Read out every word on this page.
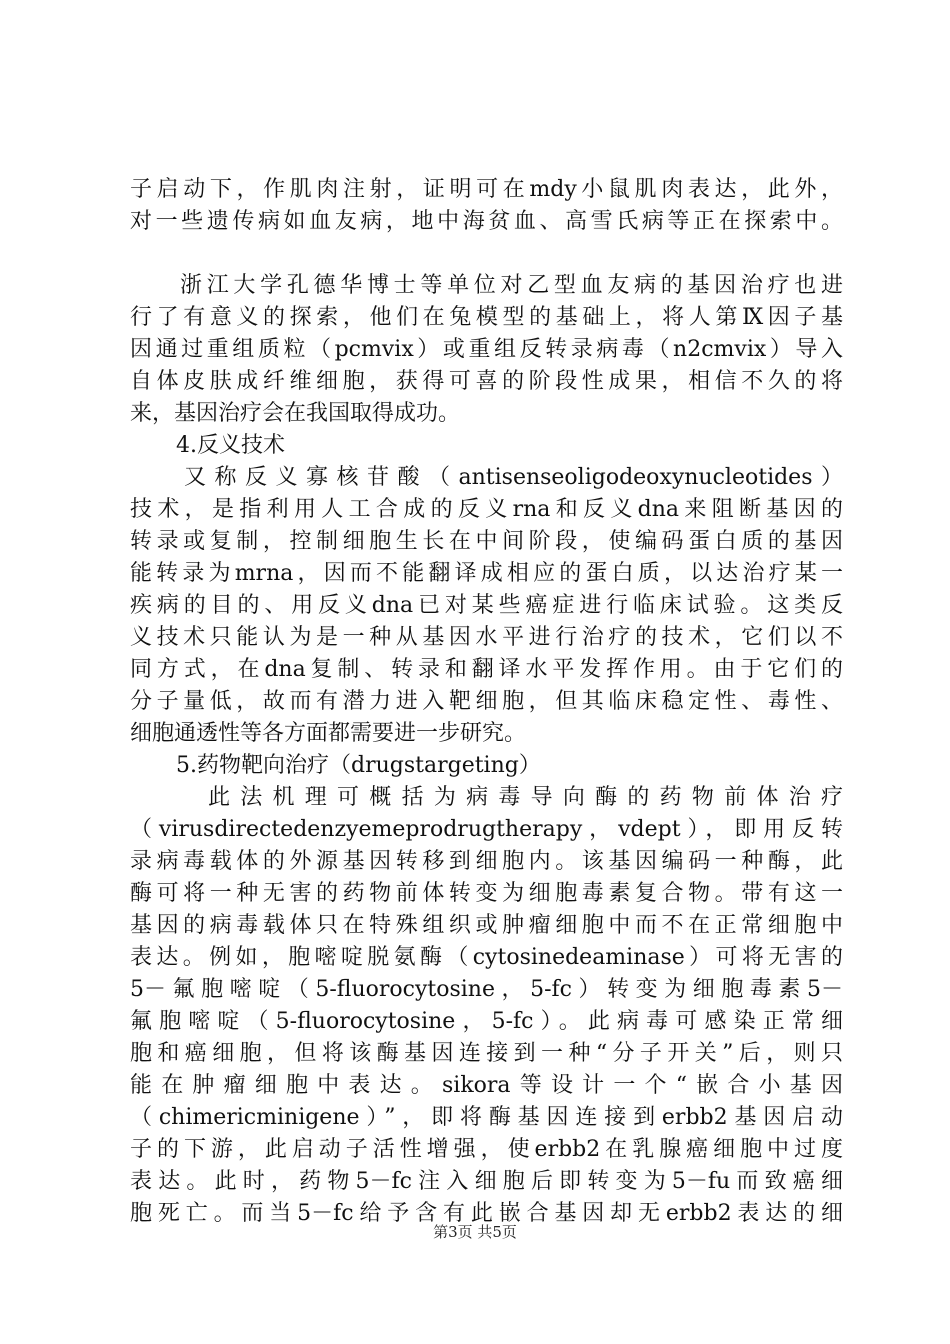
子启动下，作肌肉注射，证明可在mdy小鼠肌肉表达，此外，
对一些遗传病如血友病，地中海贫血、高雪氏病等正在探索中。
浙江大学孔德华博士等单位对乙型血友病的基因治疗也进
行了有意义的探索，他们在兔模型的基础上，将人第Ⅸ因子基
因通过重组质粒（pcmvix）或重组反转录病毒（n2cmvix）导入
自体皮肤成纤维细胞，获得可喜的阶段性成果，相信不久的将
来，基因治疗会在我国取得成功。
4.反义技术
又称反义寡核苷酸（antisenseoligodeoxynucleotides）
技术，是指利用人工合成的反义rna和反义dna来阻断基因的
转录或复制，控制细胞生长在中间阶段，使编码蛋白质的基因
能转录为mrna，因而不能翻译成相应的蛋白质，以达治疗某一
疾病的目的、用反义dna已对某些癌症进行临床试验。这类反
义技术只能认为是一种从基因水平进行治疗的技术，它们以不
同方式，在dna复制、转录和翻译水平发挥作用。由于它们的
分子量低，故而有潜力进入靶细胞，但其临床稳定性、毒性、
细胞通透性等各方面都需要进一步研究。
5.药物靶向治疗（drugstargeting）
此法机理可概括为病毒导向酶的药物前体治疗
（virusdirectedenzyemeprodrugtherapy，vdept），即用反转
录病毒载体的外源基因转移到细胞内。该基因编码一种酶，此
酶可将一种无害的药物前体转变为细胞毒素复合物。带有这一
基因的病毒载体只在特殊组织或肿瘤细胞中而不在正常细胞中
表达。例如，胞嘧啶脱氨酶（cytosinedeaminase）可将无害的
5－氟胞嘧啶（5-fluorocytosine，5-fc）转变为细胞毒素5－
氟胞嘧啶（5-fluorocytosine，5-fc）。此病毒可感染正常细
胞和癌细胞，但将该酶基因连接到一种“分子开关”后，则只
能在肿瘤细胞中表达。sikora等设计一个“嵌合小基因
（chimericminigene）”，即将酶基因连接到erbb2基因启动
子的下游，此启动子活性增强，使erbb2在乳腺癌细胞中过度
表达。此时，药物5－fc注入细胞后即转变为5－fu而致癌细
胞死亡。而当5－fc给予含有此嵌合基因却无erbb2表达的细
第3页 共5页
